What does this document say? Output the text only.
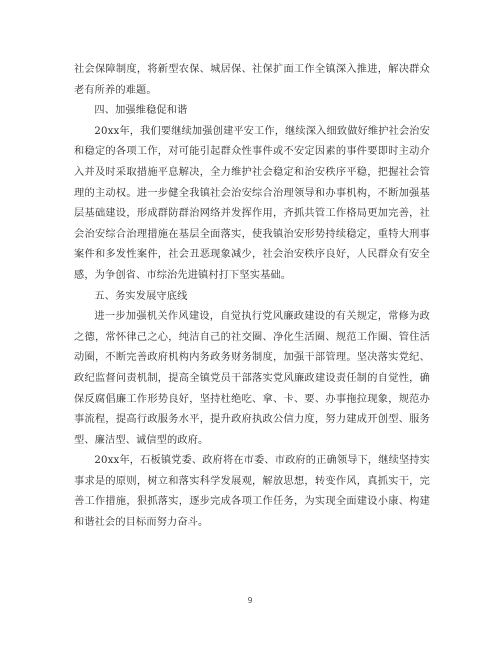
社会保障制度，将新型农保、城居保、社保扩面工作全镇深入推进，解决群众老有所养的难题。

四、加强维稳促和谐

20xx年，我们要继续加强创建平安工作，继续深入细致做好维护社会治安和稳定的各项工作，对可能引起群众性事件或不安定因素的事件要即时主动介入并及时采取措施平息解决，全力维护社会稳定和治安秩序平稳，把握社会管理的主动权。进一步健全我镇社会治安综合治理领导和办事机构，不断加强基层基础建设，形成群防群治网络并发挥作用，齐抓共管工作格局更加完善，社会治安综合治理措施在基层全面落实，使我镇治安形势持续稳定，重特大刑事案件和多发性案件，社会丑恶现象减少，社会治安秩序良好，人民群众有安全感，为争创省、市综治先进镇村打下坚实基础。

五、务实发展守底线

进一步加强机关作风建设，自觉执行党风廉政建设的有关规定，常修为政之德，常怀律己之心，纯洁自己的社交圈、净化生活圈、规范工作圈、管住活动圈，不断完善政府机构内务政务财务制度，加强干部管理。坚决落实党纪、政纪监督问责机制，提高全镇党员干部落实党风廉政建设责任制的自觉性，确保反腐倡廉工作形势良好，坚持杜绝吃、拿、卡、要、办事拖拉现象，规范办事流程，提高行政服务水平，提升政府执政公信力度，努力建成开创型、服务型、廉洁型、诚信型的政府。

20xx年，石板镇党委、政府将在市委、市政府的正确领导下，继续坚持实事求是的原则，树立和落实科学发展观，解放思想，转变作风，真抓实干，完善工作措施，狠抓落实，逐步完成各项工作任务，为实现全面建设小康、构建和谐社会的目标而努力奋斗。

9
